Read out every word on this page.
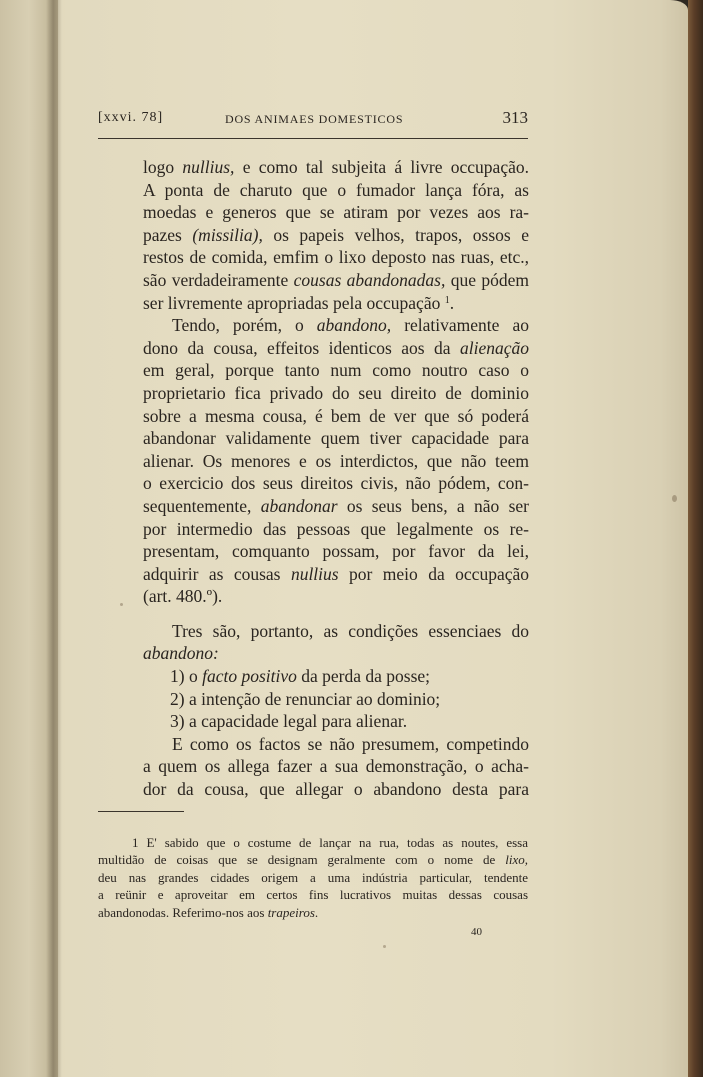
[xxvi. 78]	DOS ANIMAES DOMESTICOS	313
logo nullius, e como tal subjeita á livre occupação.
A ponta de charuto que o fumador lança fóra, as
moedas e generos que se atiram por vezes aos ra-
pazes (missilia), os papeis velhos, trapos, ossos e
restos de comida, emfim o lixo deposto nas ruas, etc.,
são verdadeiramente cousas abandonadas, que pódem
ser livremente apropriadas pela occupação $^1$.
Tendo, porém, o abandono, relativamente ao
dono da cousa, effeitos identicos aos da alienação
em geral, porque tanto num como noutro caso o
proprietario fica privado do seu direito de dominio
sobre a mesma cousa, é bem de ver que só poderá
abandonar validamente quem tiver capacidade para
alienar. Os menores e os interdictos, que não teem
o exercicio dos seus direitos civis, não pódem, con-
sequentemente, abandonar os seus bens, a não ser
por intermedio das pessoas que legalmente os re-
presentam, comquanto possam, por favor da lei,
adquirir as cousas nullius por meio da occupação
(art. 480.º).
Tres são, portanto, as condições essenciaes do
abandono:
1) o facto positivo da perda da posse;
2) a intenção de renunciar ao dominio;
3) a capacidade legal para alienar.
E como os factos se não presumem, competindo
a quem os allega fazer a sua demonstração, o acha-
dor da cousa, que allegar o abandono desta para
1 E' sabido que o costume de lançar na rua, todas as noutes, essa
multidão de coisas que se designam geralmente com o nome de lixo,
deu nas grandes cidades origem a uma indústria particular, tendente
a reünir e aproveitar em certos fins lucrativos muitas dessas cousas
abandonodas. Referimo-nos aos trapeiros.
40
